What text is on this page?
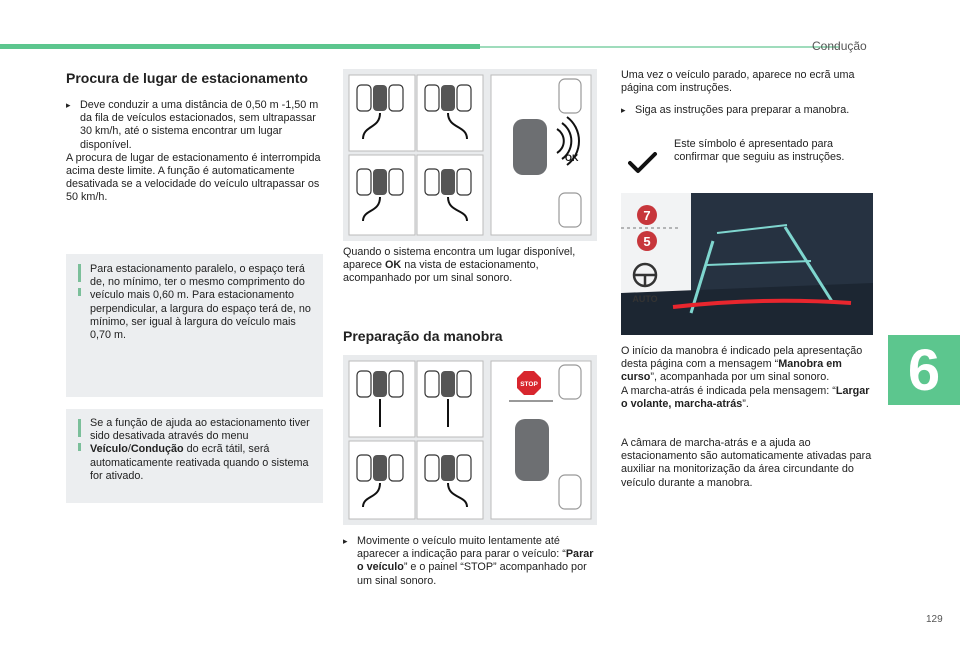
Condução
Procura de lugar de estacionamento
▸ Deve conduzir a uma distância de 0,50 m -1,50 m da fila de veículos estacionados, sem ultrapassar 30 km/h, até o sistema encontrar um lugar disponível.

A procura de lugar de estacionamento é interrompida acima deste limite. A função é automaticamente desativada se a velocidade do veículo ultrapassar os 50 km/h.

Para estacionamento paralelo, o espaço terá de, no mínimo, ter o mesmo comprimento do veículo mais 0,60 m. Para estacionamento perpendicular, a largura do espaço terá de, no mínimo, ser igual à largura do veículo mais 0,70 m.
Se a função de ajuda ao estacionamento tiver sido desativada através do menu Veículo/Condução do ecrã tátil, será automaticamente reativada quando o sistema for ativado.
OK
Quando o sistema encontra um lugar disponível, aparece OK na vista de estacionamento, acompanhado por um sinal sonoro.
Preparação da manobra
STOP
▸ Movimente o veículo muito lentamente até aparecer a indicação para parar o veículo: “Parar o veículo” e o painel “STOP” acompanhado por um sinal sonoro.

Uma vez o veículo parado, aparece no ecrã uma página com instruções.

▸ Siga as instruções para preparar a manobra.
Este símbolo é apresentado para confirmar que seguiu as instruções.
7
5
AUTO

O início da manobra é indicado pela apresentação desta página com a mensagem “Manobra em curso”, acompanhada por um sinal sonoro.

A marcha-atrás é indicada pela mensagem: “Largar o volante, marcha-atrás”.

A câmara de marcha-atrás e a ajuda ao estacionamento são automaticamente ativadas para auxiliar na monitorização da área circundante do veículo durante a manobra.

6
129
